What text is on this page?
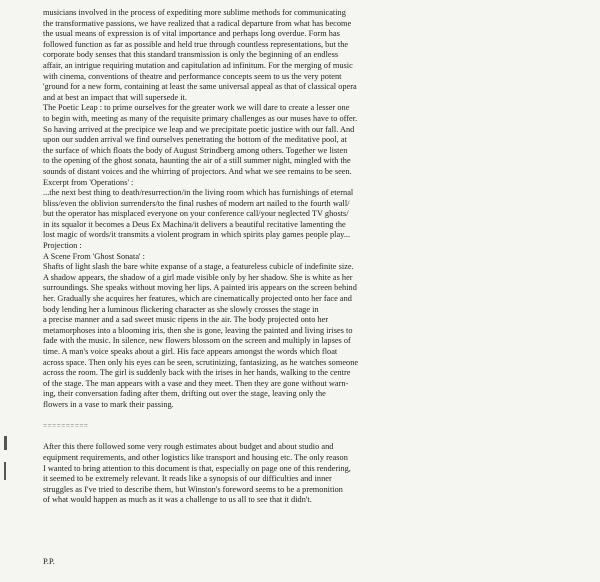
musicians involved in the process of expediting more sublime methods for communicating
the transformative passions, we have realized that a radical departure from what has become
the usual means of expression is of vital importance and perhaps long overdue. Form has
followed function as far as possible and held true through countless representations, but the
corporate body senses that this standard transmission is only the beginning of an endless
affair, an intrigue requiring mutation and capitulation ad infinitum. For the merging of music
with cinema, conventions of theatre and performance concepts seem to us the very potent
'ground for a new form, containing at least the same universal appeal as that of classical opera
and at best an impact that will supersede it.
The Poetic Leap : to prime ourselves for the greater work we will dare to create a lesser one
to begin with, meeting as many of the requisite primary challenges as our muses have to offer.
So having arrived at the precipice we leap and we precipitate poetic justice with our fall. And
upon our sudden arrival we find ourselves penetrating the bottom of the meditative pool, at
the surface of which floats the body of August Strindberg among others. Together we listen
to the opening of the ghost sonata, haunting the air of a still summer night, mingled with the
sounds of distant voices and the whirring of projectors. And what we see remains to be seen.
Excerpt from 'Operations' :
...the next best thing to death/resurrection/in the living room which has furnishings of eternal
bliss/even the oblivion surrenders/to the final rushes of modern art nailed to the fourth wall/
but the operator has misplaced everyone on your conference call/your neglected TV ghosts/
in its squalor it becomes a Deus Ex Machina/it delivers a beautiful recitative lamenting the
lost magic of words/it transmits a violent program in which spirits play games people play...
Projection :
A Scene From 'Ghost Sonata' :
Shafts of light slash the bare white expanse of a stage, a featureless cubicle of indefinite size.
A shadow appears, the shadow of a girl made visible only by her shadow. She is white as her
surroundings. She speaks without moving her lips. A painted iris appears on the screen behind
her. Gradually she acquires her features, which are cinematically projected onto her face and
body lending her a luminous flickering character as she slowly crosses the stage in
a precise manner and a sad sweet music ripens in the air. The body projected onto her
metamorphoses into a blooming iris, then she is gone, leaving the painted and living irises to
fade with the music. In silence, new flowers blossom on the screen and multiply in lapses of
time. A man's voice speaks about a girl. His face appears amongst the words which float
across space. Then only his eyes can be seen, scrutinizing, fantasizing, as he watches someone
across the room. The girl is suddenly back with the irises in her hands, walking to the centre
of the stage. The man appears with a vase and they meet. Then they are gone without warn-
ing, their conversation fading after them, drifting out over the stage, leaving only the
flowers in a vase to mark their passing.
==========
After this there followed some very rough estimates about budget and about studio and
equipment requirements, and other logistics like transport and housing etc. The only reason
I wanted to bring attention to this document is that, especially on page one of this rendering,
it seemed to be extremely relevant. It reads like a synopsis of our difficulties and inner
struggles as I've tried to describe them, but Winston's foreword seems to be a premonition
of what would happen as much as it was a challenge to us all to see that it didn't.
P.P.
